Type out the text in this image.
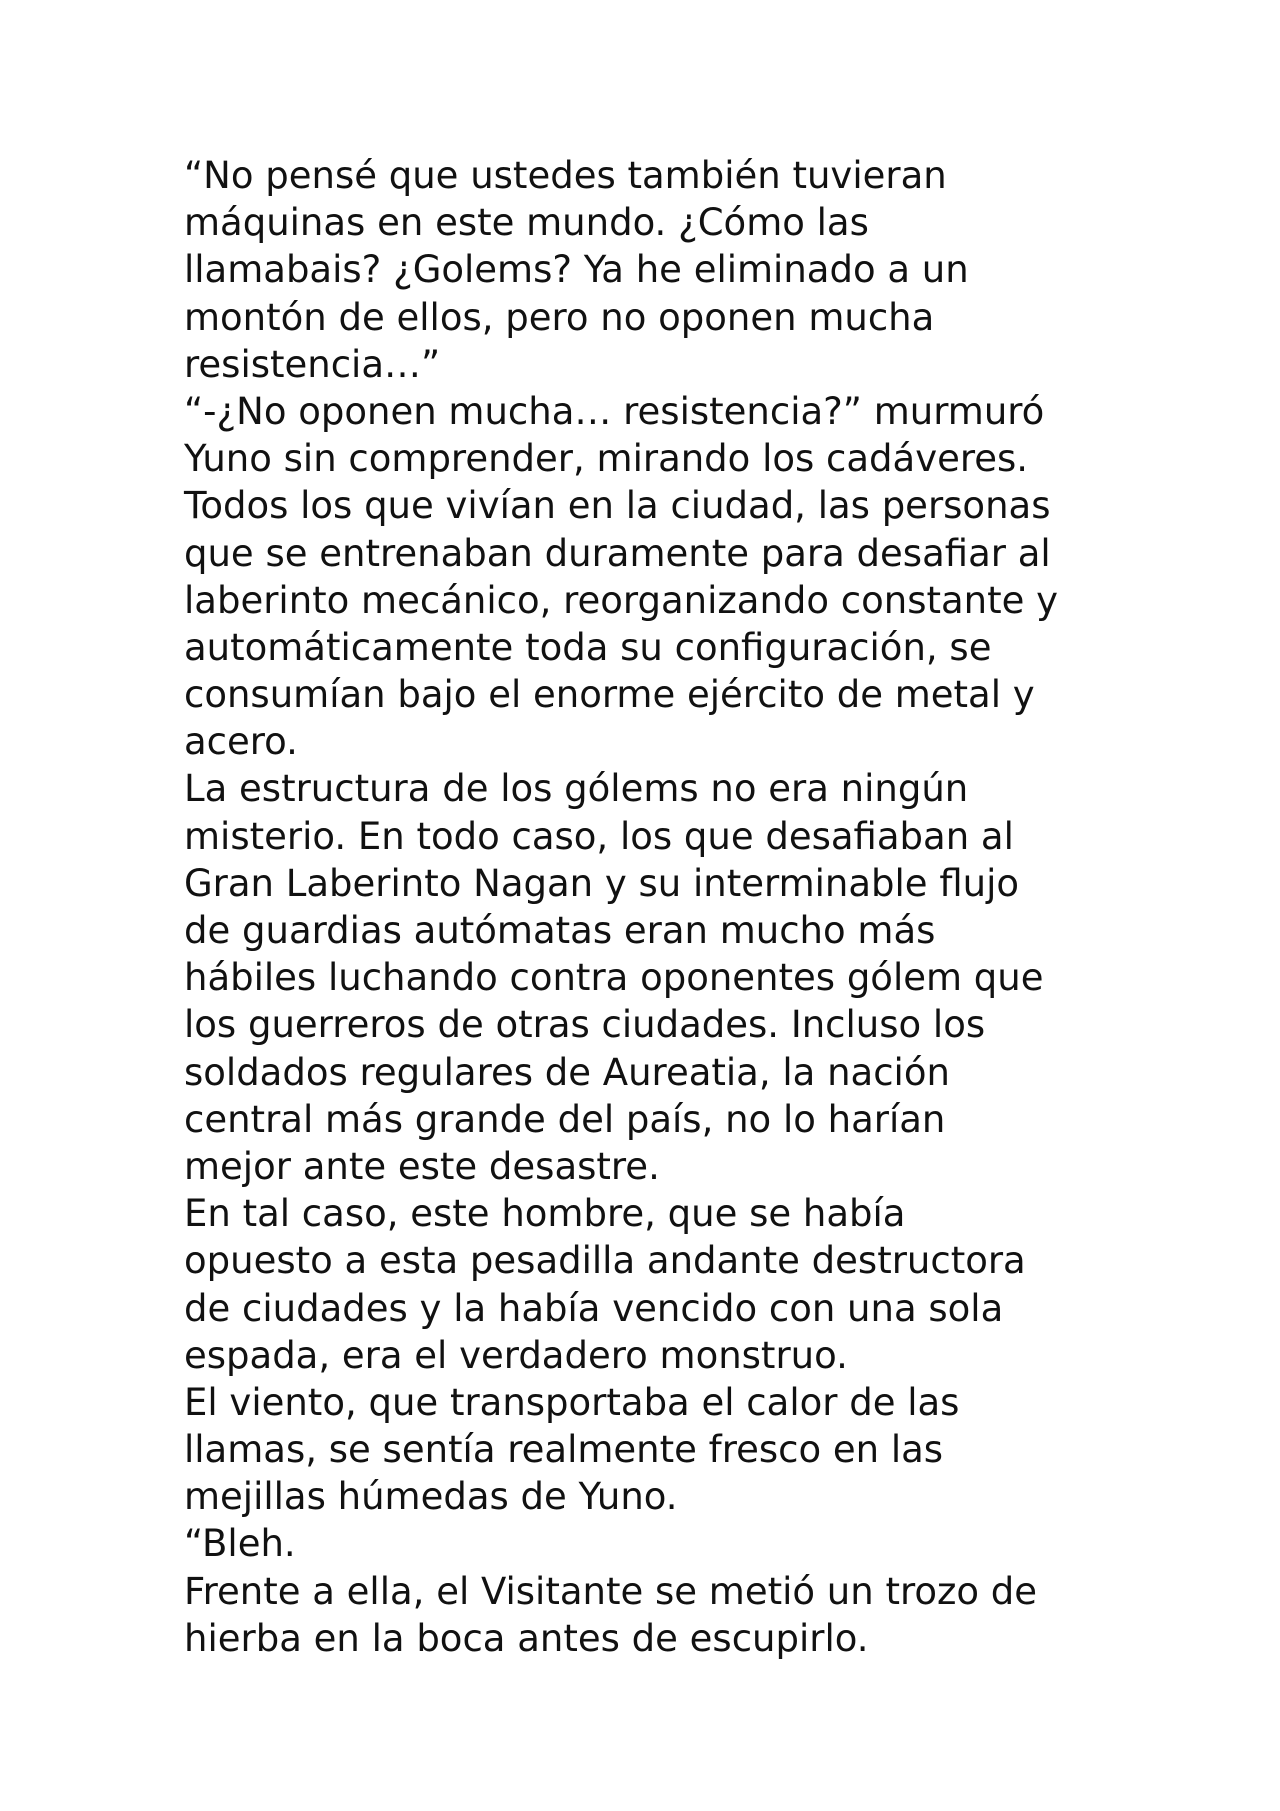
“No pensé que ustedes también tuvieran
máquinas en este mundo. ¿Cómo las
llamabais? ¿Golems? Ya he eliminado a un
montón de ellos, pero no oponen mucha
resistencia…”
“-¿No oponen mucha… resistencia?” murmuró
Yuno sin comprender, mirando los cadáveres.
Todos los que vivían en la ciudad, las personas
que se entrenaban duramente para desafiar al
laberinto mecánico, reorganizando constante y
automáticamente toda su configuración, se
consumían bajo el enorme ejército de metal y
acero.
La estructura de los gólems no era ningún
misterio. En todo caso, los que desafiaban al
Gran Laberinto Nagan y su interminable flujo
de guardias autómatas eran mucho más
hábiles luchando contra oponentes gólem que
los guerreros de otras ciudades. Incluso los
soldados regulares de Aureatia, la nación
central más grande del país, no lo harían
mejor ante este desastre.
En tal caso, este hombre, que se había
opuesto a esta pesadilla andante destructora
de ciudades y la había vencido con una sola
espada, era el verdadero monstruo.
El viento, que transportaba el calor de las
llamas, se sentía realmente fresco en las
mejillas húmedas de Yuno.
“Bleh.
Frente a ella, el Visitante se metió un trozo de
hierba en la boca antes de escupirlo.
